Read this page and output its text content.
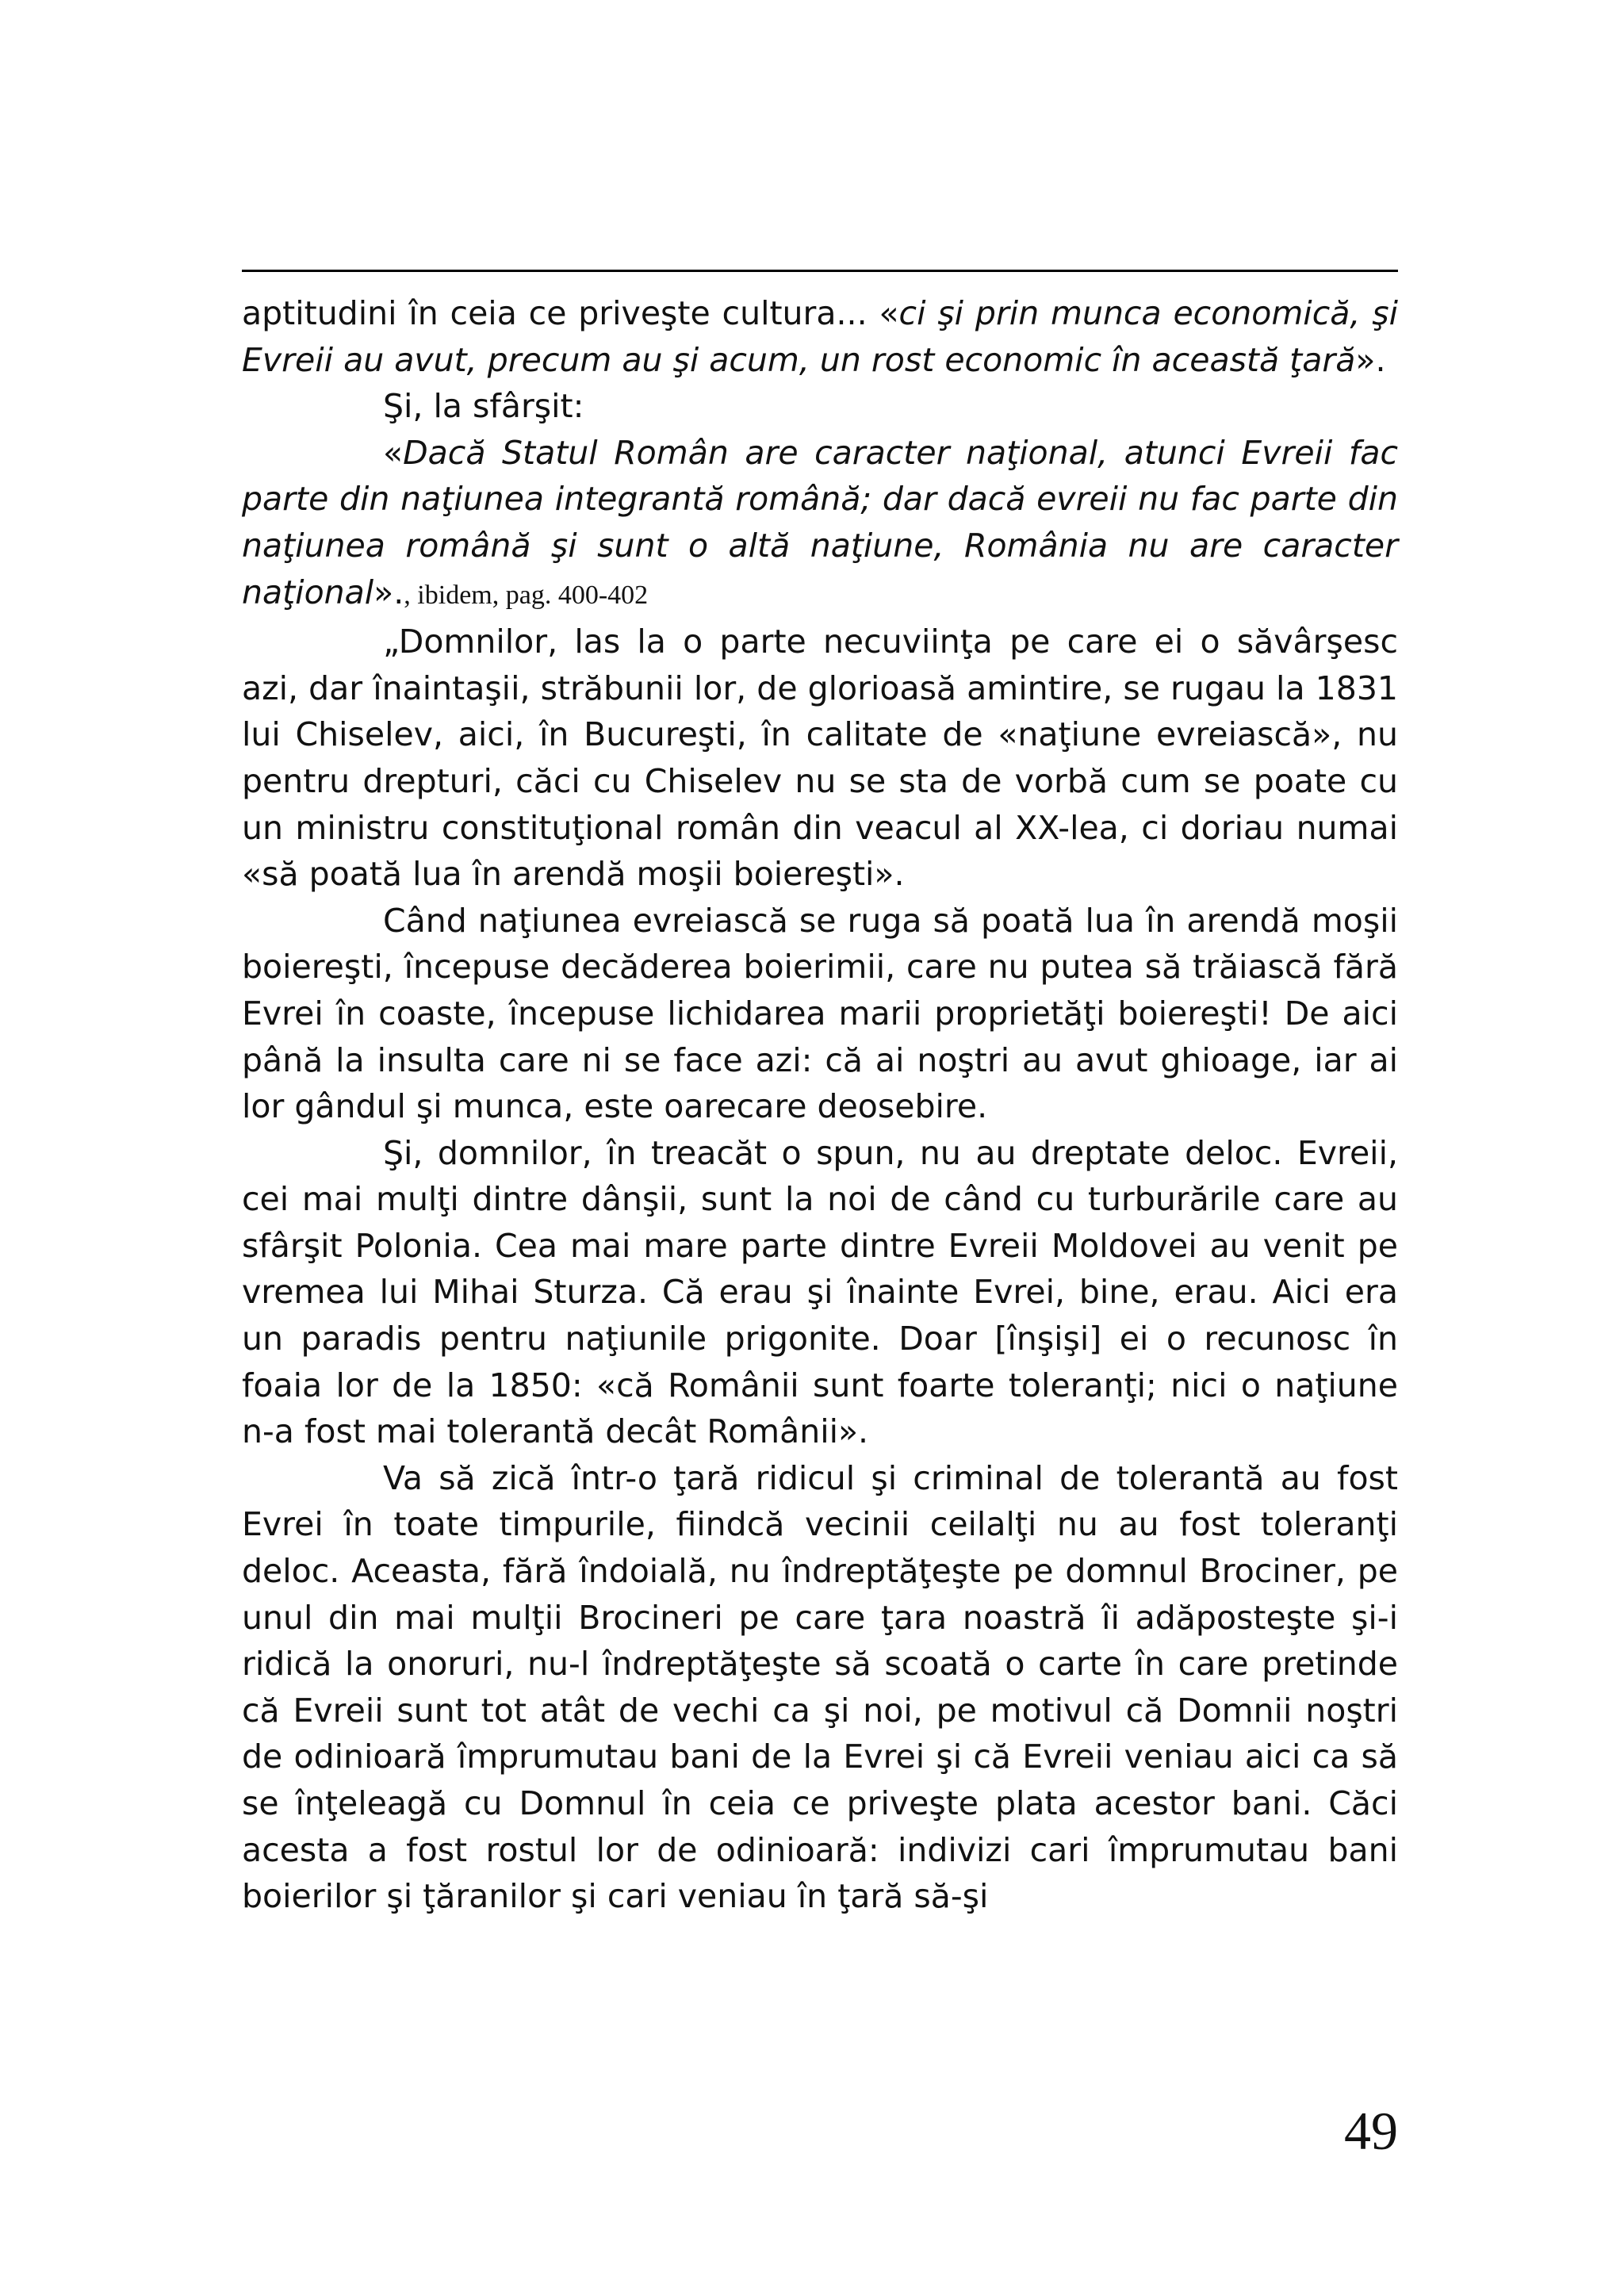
aptitudini în ceia ce priveşte cultura... «ci şi prin munca economică, şi Evreii au avut, precum au şi acum, un rost economic în această ţară».

Şi, la sfârşit:

«Dacă Statul Român are caracter naţional, atunci Evreii fac parte din naţiunea integrantă română; dar dacă evreii nu fac parte din naţiunea română şi sunt o altă naţiune, România nu are caracter naţional»., ibidem, pag. 400-402

„Domnilor, las la o parte necuviinţa pe care ei o săvârşesc azi, dar înaintaşii, străbunii lor, de glorioasă amintire, se rugau la 1831 lui Chiselev, aici, în Bucureşti, în calitate de «naţiune evreiască», nu pentru drepturi, căci cu Chiselev nu se sta de vorbă cum se poate cu un ministru constituţional român din veacul al XX-lea, ci doriau numai «să poată lua în arendă moşii boiereşti».

Când naţiunea evreiască se ruga să poată lua în arendă moşii boiereşti, începuse decăderea boierimii, care nu putea să trăiască fără Evrei în coaste, începuse lichidarea marii proprietăţi boiereşti! De aici până la insulta care ni se face azi: că ai noştri au avut ghioage, iar ai lor gândul şi munca, este oarecare deosebire.

Şi, domnilor, în treacăt o spun, nu au dreptate deloc. Evreii, cei mai mulţi dintre dânşii, sunt la noi de când cu turburările care au sfârşit Polonia. Cea mai mare parte dintre Evreii Moldovei au venit pe vremea lui Mihai Sturza. Că erau şi înainte Evrei, bine, erau. Aici era un paradis pentru naţiunile prigonite. Doar [înşişi] ei o recunosc în foaia lor de la 1850: «că Românii sunt foarte toleranţi; nici o naţiune n-a fost mai tolerantă decât Românii».

Va să zică într-o ţară ridicul şi criminal de tolerantă au fost Evrei în toate timpurile, fiindcă vecinii ceilalţi nu au fost toleranţi deloc. Aceasta, fără îndoială, nu îndreptăţeşte pe domnul Brociner, pe unul din mai mulţii Brocineri pe care ţara noastră îi adăposteşte şi-i ridică la onoruri, nu-l îndreptăţeşte să scoată o carte în care pretinde că Evreii sunt tot atât de vechi ca şi noi, pe motivul că Domnii noştri de odinioară împrumutau bani de la Evrei şi că Evreii veniau aici ca să se înţeleagă cu Domnul în ceia ce priveşte plata acestor bani. Căci acesta a fost rostul lor de odinioară: indivizi cari împrumutau bani boierilor şi ţăranilor şi cari veniau în ţară să-şi

49
